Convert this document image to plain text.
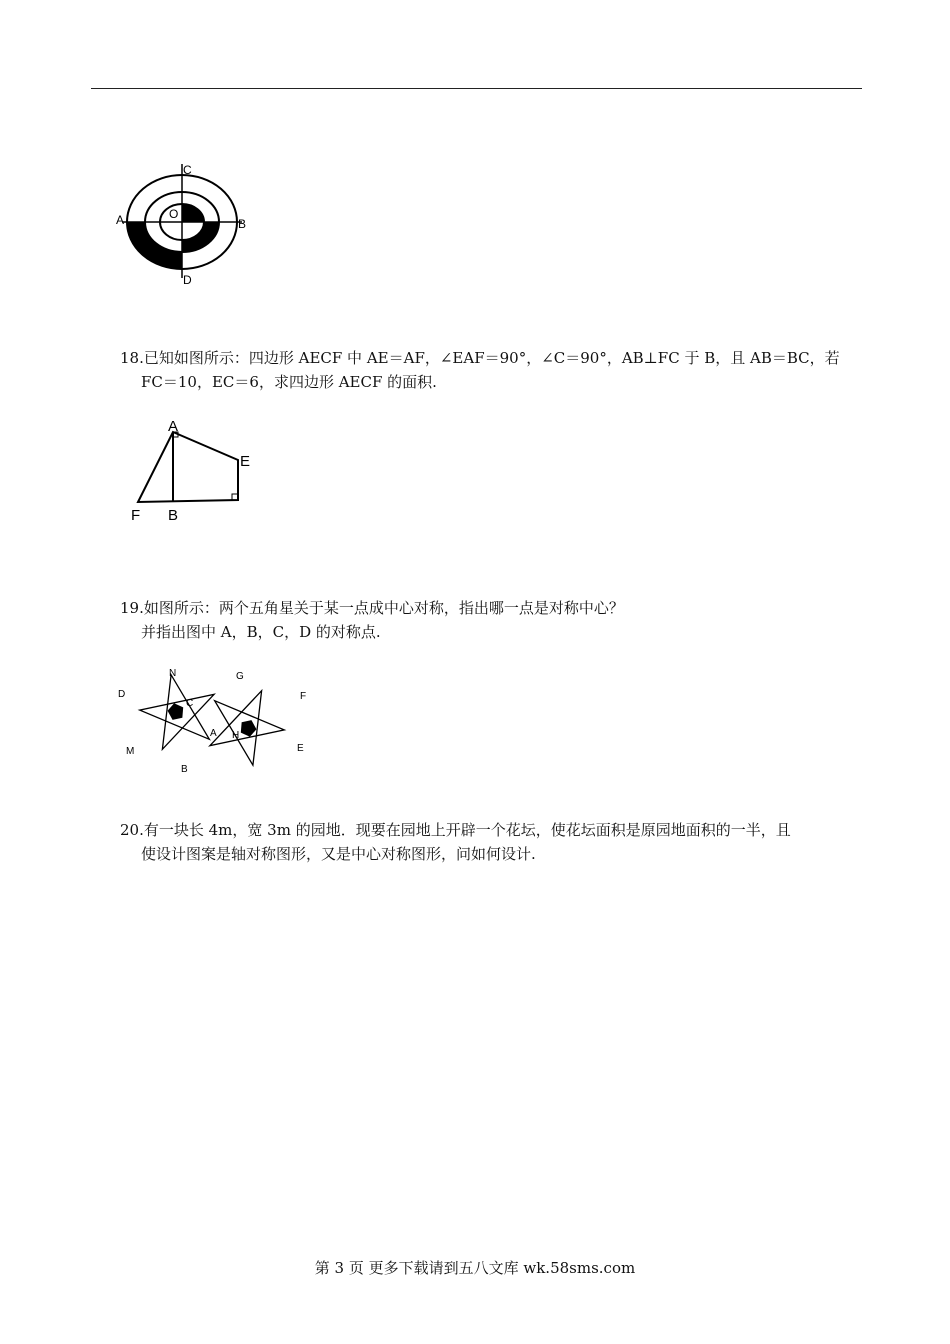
C
O
A	B
D

18.已知如图所示：四边形 AECF 中 AE＝AF，∠EAF＝90°，∠C＝90°，AB⊥FC 于 B，且 AB＝BC，若
FC＝10，EC＝6，求四边形 AECF 的面积.

A
E
F B

19.如图所示：两个五角星关于某一点成中心对称，指出哪一点是对称中心？
并指出图中 A，B，C，D 的对称点.

N
D
C
M
B
A
G
F
H
E

20.有一块长 4m，宽 3m 的园地．现要在园地上开辟一个花坛，使花坛面积是原园地面积的一半，且
使设计图案是轴对称图形，又是中心对称图形，问如何设计.

第 3 页 更多下载请到五八文库 wk.58sms.com
